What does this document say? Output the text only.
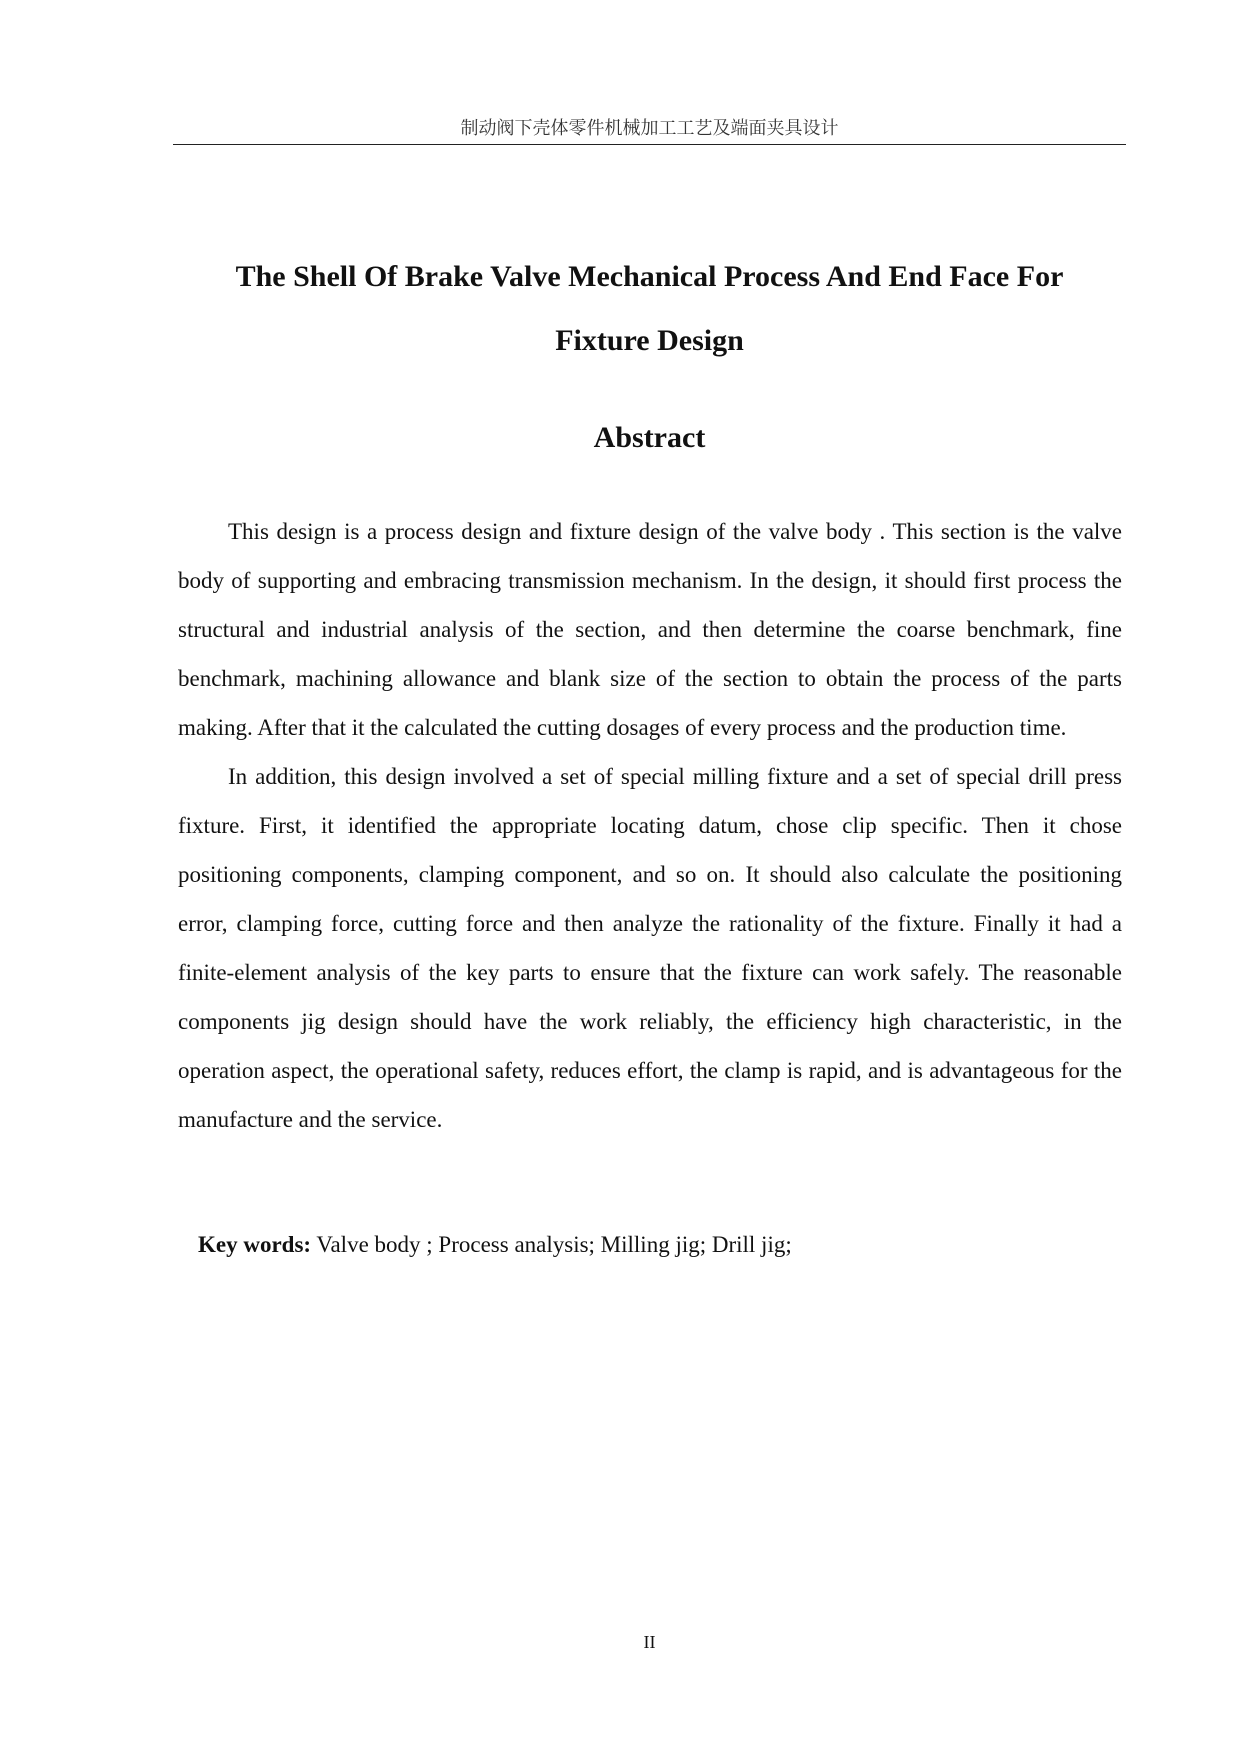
制动阀下壳体零件机械加工工艺及端面夹具设计
The Shell Of Brake Valve Mechanical Process And End Face For
Fixture Design
Abstract

This design is a process design and fixture design of the valve body . This section is the valve body of supporting and embracing transmission mechanism. In the design, it should first process the structural and industrial analysis of the section, and then determine the coarse benchmark, fine benchmark, machining allowance and blank size of the section to obtain the process of the parts making. After that it the calculated the cutting dosages of every process and the production time.

In addition, this design involved a set of special milling fixture and a set of special drill press fixture. First, it identified the appropriate locating datum, chose clip specific. Then it chose positioning components, clamping component, and so on. It should also calculate the positioning error, clamping force, cutting force and then analyze the rationality of the fixture. Finally it had a finite-element analysis of the key parts to ensure that the fixture can work safely. The reasonable components jig design should have the work reliably, the efficiency high characteristic, in the operation aspect, the operational safety, reduces effort, the clamp is rapid, and is advantageous for the manufacture and the service.

Key words: Valve body ; Process analysis; Milling jig; Drill jig;
II
